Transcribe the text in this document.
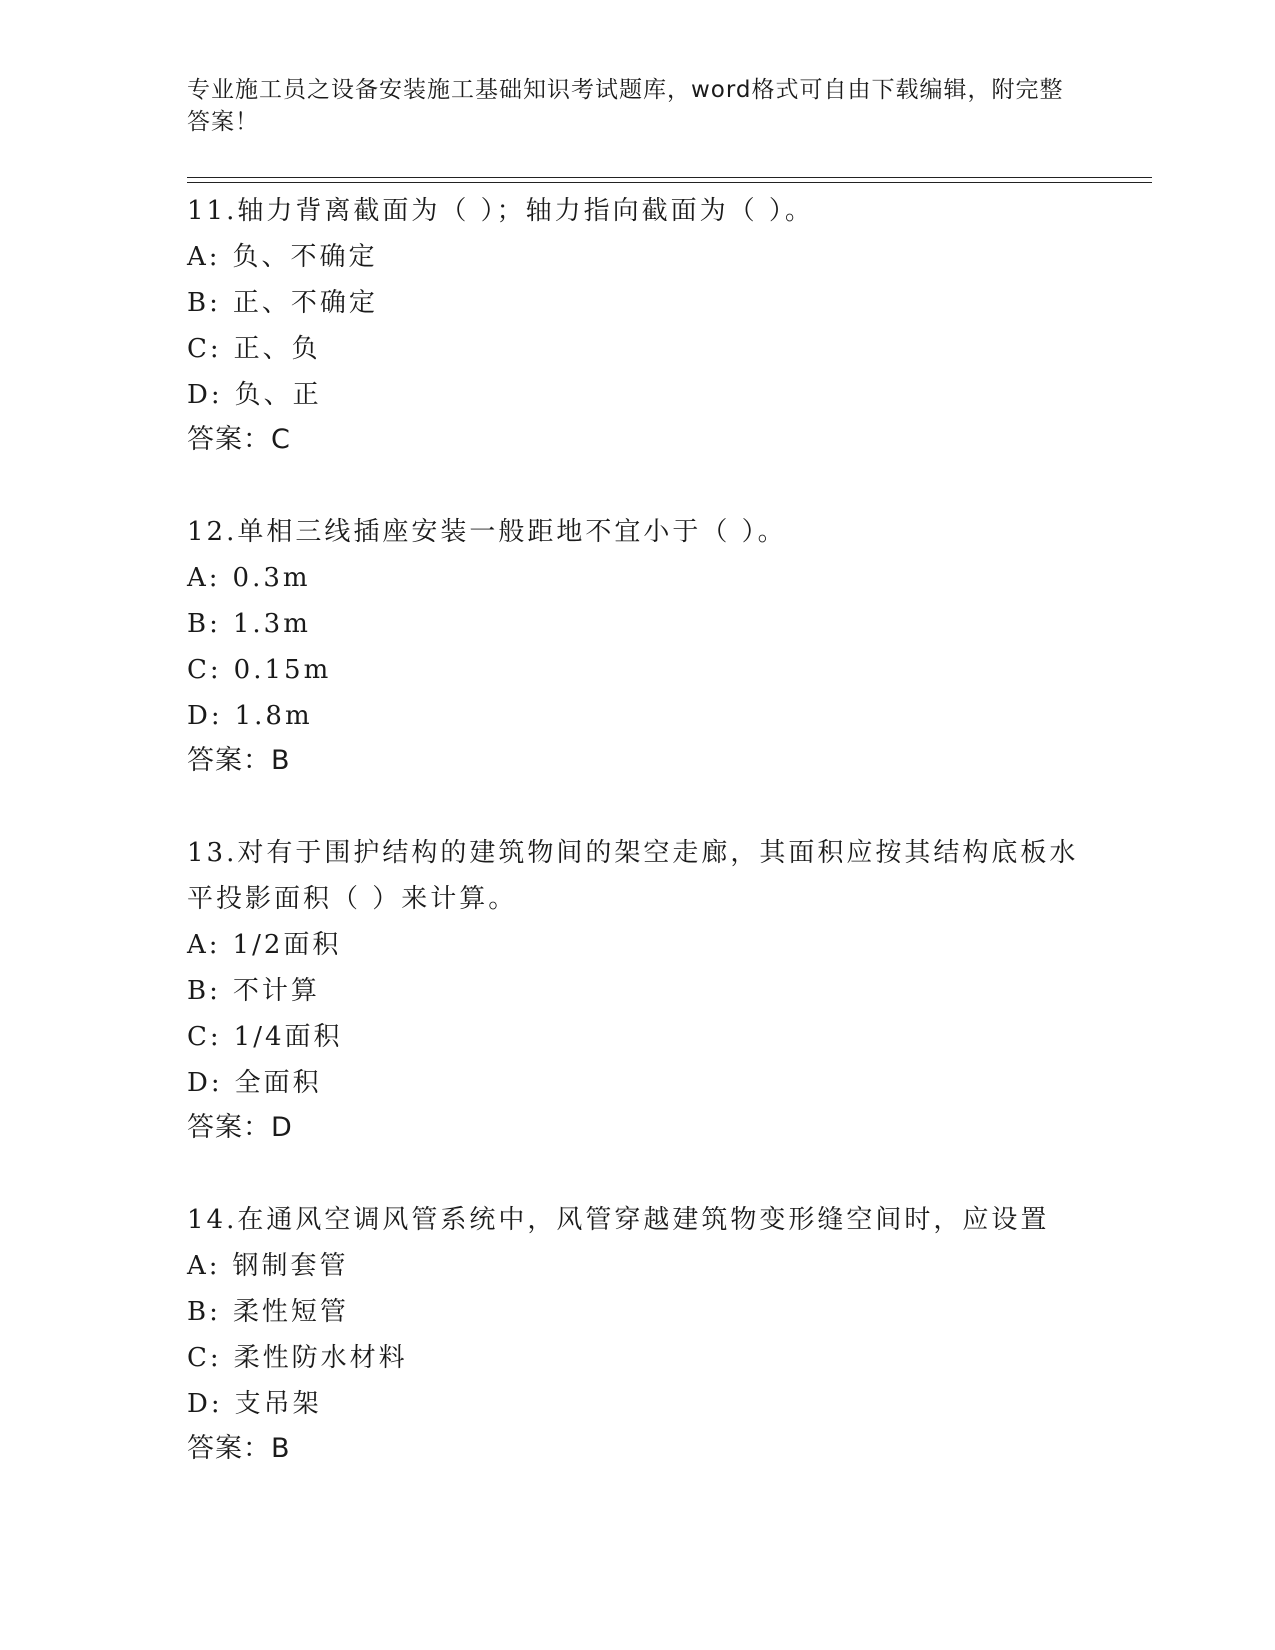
专业施工员之设备安装施工基础知识考试题库，word格式可自由下载编辑，附完整答案！
11.轴力背离截面为（ ）；轴力指向截面为（ ）。
A: 负、不确定
B: 正、不确定
C: 正、负
D: 负、正
答案：C
12.单相三线插座安装一般距地不宜小于（ ）。
A: 0.3m
B: 1.3m
C: 0.15m
D: 1.8m
答案：B
13.对有于围护结构的建筑物间的架空走廊，其面积应按其结构底板水平投影面积（ ）来计算。
A: 1/2面积
B: 不计算
C: 1/4面积
D: 全面积
答案：D
14.在通风空调风管系统中，风管穿越建筑物变形缝空间时，应设置
A: 钢制套管
B: 柔性短管
C: 柔性防水材料
D: 支吊架
答案：B
